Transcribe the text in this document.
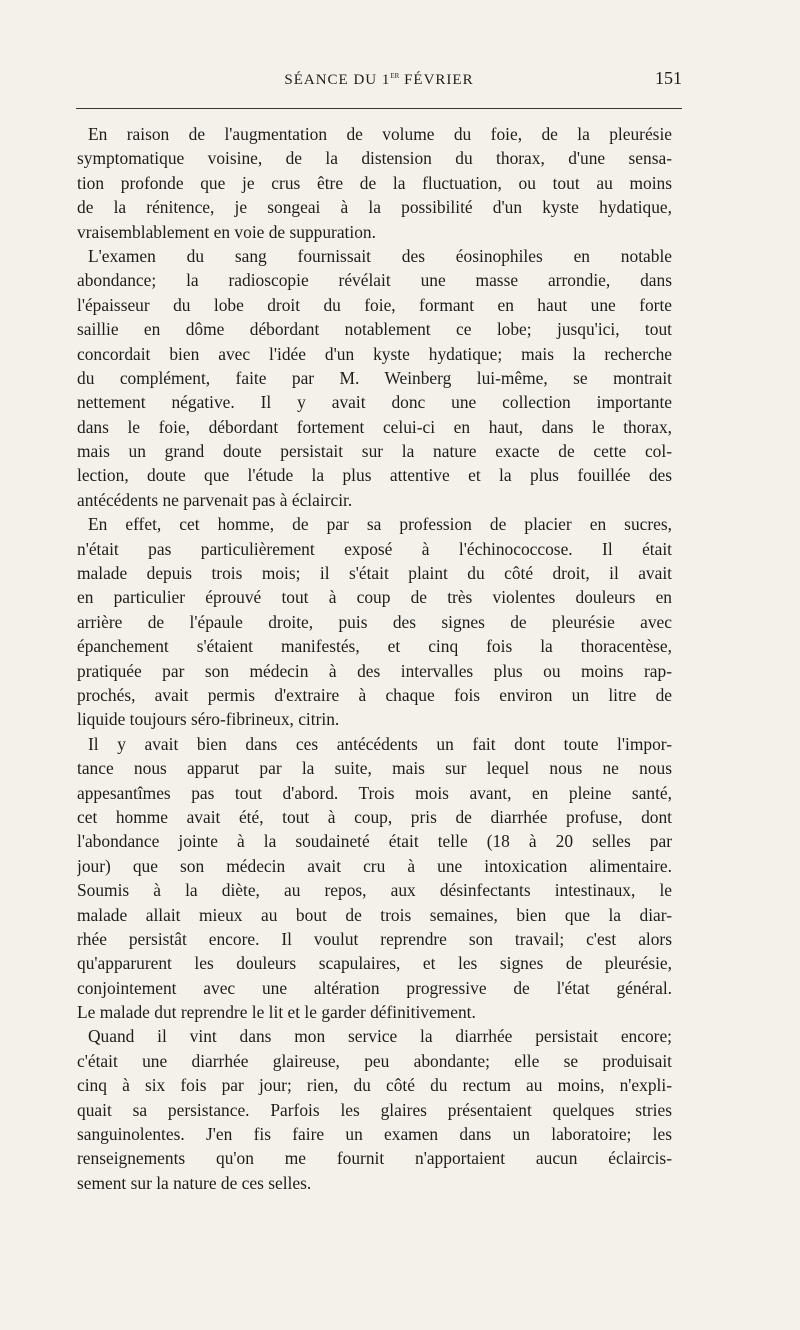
SÉANCE DU 1er FÉVRIER	151
En raison de l'augmentation de volume du foie, de la pleurésie
symptomatique voisine, de la distension du thorax, d'une sensa-
tion profonde que je crus être de la fluctuation, ou tout au moins
de la rénitence, je songeai à la possibilité d'un kyste hydatique,
vraisemblablement en voie de suppuration.
L'examen du sang fournissait des éosinophiles en notable
abondance; la radioscopie révélait une masse arrondie, dans
l'épaisseur du lobe droit du foie, formant en haut une forte
saillie en dôme débordant notablement ce lobe; jusqu'ici, tout
concordait bien avec l'idée d'un kyste hydatique; mais la recherche
du complément, faite par M. Weinberg lui-même, se montrait
nettement négative. Il y avait donc une collection importante
dans le foie, débordant fortement celui-ci en haut, dans le thorax,
mais un grand doute persistait sur la nature exacte de cette col-
lection, doute que l'étude la plus attentive et la plus fouillée des
antécédents ne parvenait pas à éclaircir.
En effet, cet homme, de par sa profession de placier en sucres,
n'était pas particulièrement exposé à l'échinococcose. Il était
malade depuis trois mois; il s'était plaint du côté droit, il avait
en particulier éprouvé tout à coup de très violentes douleurs en
arrière de l'épaule droite, puis des signes de pleurésie avec
épanchement s'étaient manifestés, et cinq fois la thoracentèse,
pratiquée par son médecin à des intervalles plus ou moins rap-
prochés, avait permis d'extraire à chaque fois environ un litre de
liquide toujours séro-fibrineux, citrin.
Il y avait bien dans ces antécédents un fait dont toute l'impor-
tance nous apparut par la suite, mais sur lequel nous ne nous
appesantîmes pas tout d'abord. Trois mois avant, en pleine santé,
cet homme avait été, tout à coup, pris de diarrhée profuse, dont
l'abondance jointe à la soudaineté était telle (18 à 20 selles par
jour) que son médecin avait cru à une intoxication alimentaire.
Soumis à la diète, au repos, aux désinfectants intestinaux, le
malade allait mieux au bout de trois semaines, bien que la diar-
rhée persistât encore. Il voulut reprendre son travail; c'est alors
qu'apparurent les douleurs scapulaires, et les signes de pleurésie,
conjointement avec une altération progressive de l'état général.
Le malade dut reprendre le lit et le garder définitivement.
Quand il vint dans mon service la diarrhée persistait encore;
c'était une diarrhée glaireuse, peu abondante; elle se produisait
cinq à six fois par jour; rien, du côté du rectum au moins, n'expli-
quait sa persistance. Parfois les glaires présentaient quelques stries
sanguinolentes. J'en fis faire un examen dans un laboratoire; les
renseignements qu'on me fournit n'apportaient aucun éclaircis-
sement sur la nature de ces selles.
